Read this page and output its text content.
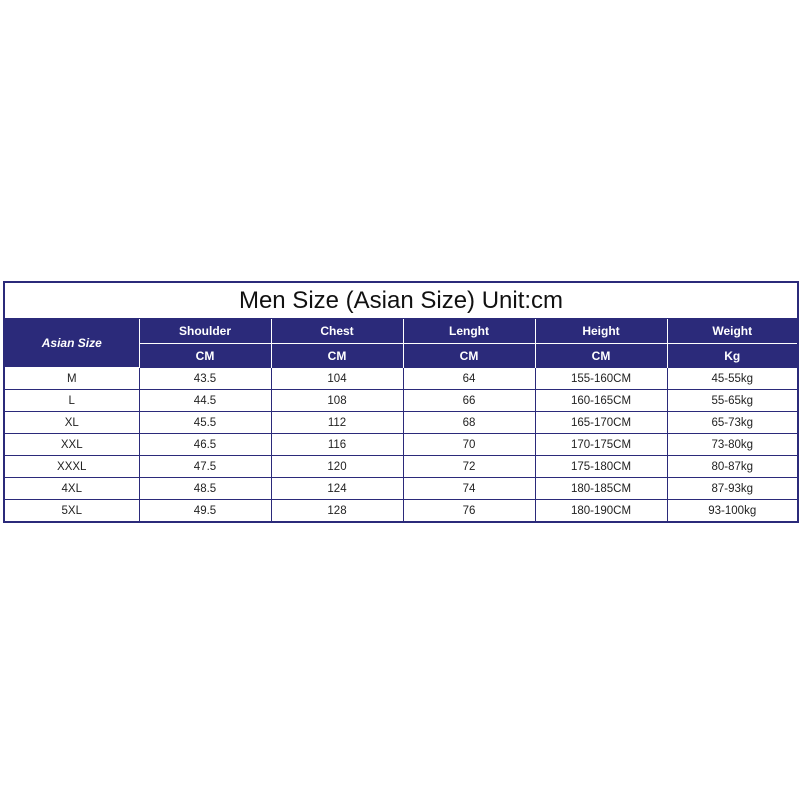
Men Size (Asian Size) Unit:cm
Asian Size	Shoulder	Chest	Lenght	Height	Weight
	CM	CM	CM	CM	Kg
M	43.5	104	64	155-160CM	45-55kg
L	44.5	108	66	160-165CM	55-65kg
XL	45.5	112	68	165-170CM	65-73kg
XXL	46.5	116	70	170-175CM	73-80kg
XXXL	47.5	120	72	175-180CM	80-87kg
4XL	48.5	124	74	180-185CM	87-93kg
5XL	49.5	128	76	180-190CM	93-100kg
